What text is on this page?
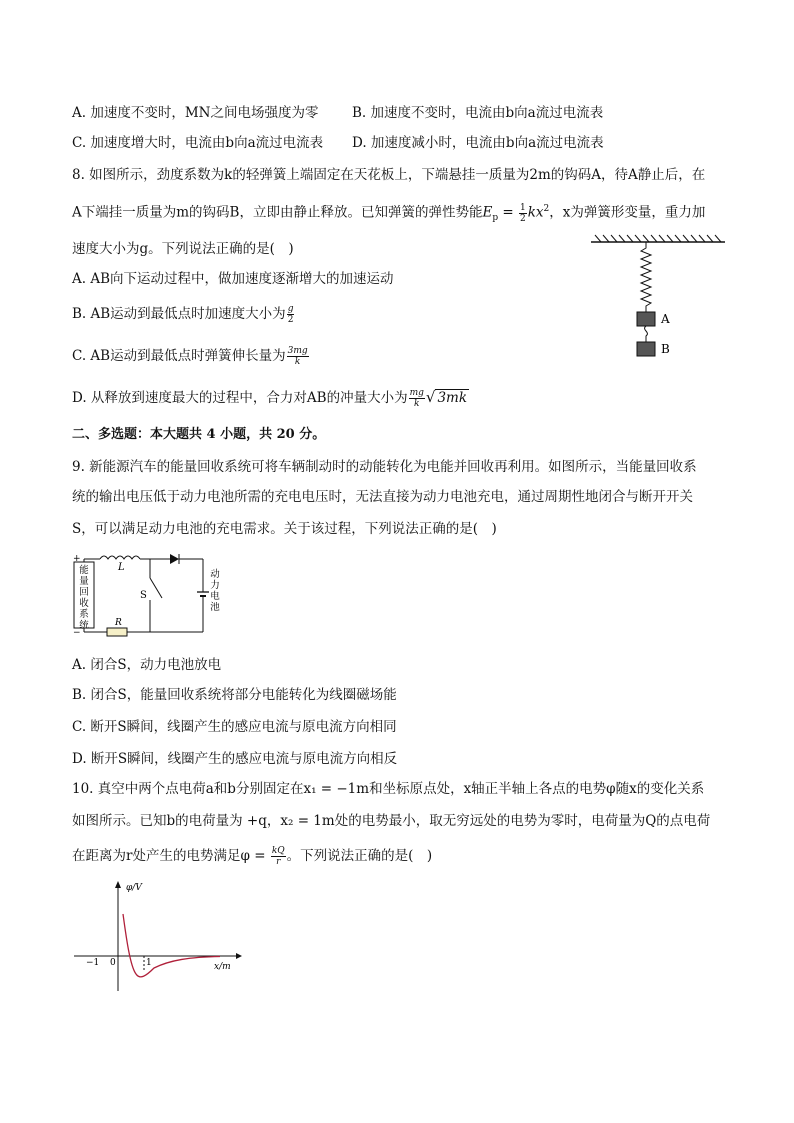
A. 加速度不变时，MN之间电场强度为零 B. 加速度不变时，电流由b向a流过电流表
C. 加速度增大时，电流由b向a流过电流表 D. 加速度减小时，电流由b向a流过电流表
8. 如图所示，劲度系数为k的轻弹簧上端固定在天花板上，下端悬挂一质量为2m的钩码A，待A静止后，在
A下端挂一质量为m的钩码B，立即由静止释放。已知弹簧的弹性势能$E_p = \frac{1}{2} kx^2$，x为弹簧形变量，重力加
速度大小为g。下列说法正确的是(　)
A. AB向下运动过程中，做加速度逐渐增大的加速运动
B. AB运动到最低点时加速度大小为 $\frac{g}{2}$
C. AB运动到最低点时弹簧伸长量为 $\frac{3mg}{k}$
D. 从释放到速度最大的过程中，合力对AB的冲量大小为 $\frac{mg}{k}$ √ 3mk
A
B
二、多选题：本大题共 4 小题，共 20 分。
9. 新能源汽车的能量回收系统可将车辆制动时的动能转化为电能并回收再利用。如图所示，当能量回收系
统的输出电压低于动力电池所需的充电电压时，无法直接为动力电池充电，通过周期性地闭合与断开开关
S，可以满足动力电池的充电需求。关于该过程，下列说法正确的是(　)
能量回收系统
+
−
L
动力电池
S
R
A. 闭合S，动力电池放电
B. 闭合S，能量回收系统将部分电能转化为线圈磁场能
C. 断开S瞬间，线圈产生的感应电流与原电流方向相同
D. 断开S瞬间，线圈产生的感应电流与原电流方向相反
10. 真空中两个点电荷a和b分别固定在x₁ = −1m和坐标原点处，x轴正半轴上各点的电势φ随x的变化关系
如图所示。已知b的电荷量为 +q，x₂ = 1m处的电势最小，取无穷远处的电势为零时，电荷量为Q的点电荷
在距离为r处产生的电势满足$\varphi = \frac{kQ}{r}$ 。下列说法正确的是(　)
φ/V
x/m
−1 0	1
